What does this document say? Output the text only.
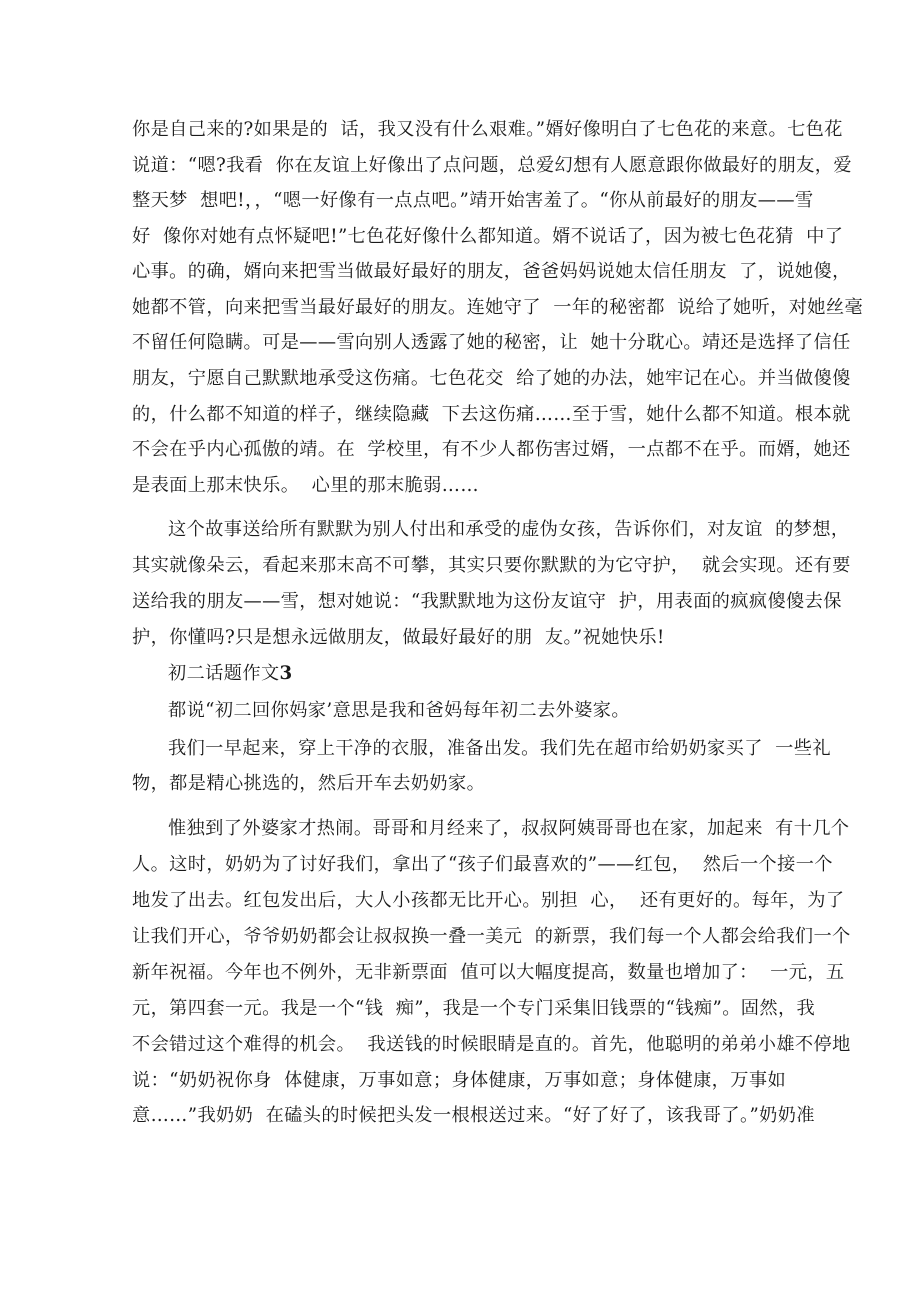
你是自己来的?如果是的  话，我又没有什么艰难。”婿好像明白了七色花的来意。七色花
说道：“嗯?我看  你在友谊上好像出了点问题，总爱幻想有人愿意跟你做最好的朋友，爱
整天梦  想吧!，，“嗯一好像有一点点吧。”靖开始害羞了。“你从前最好的朋友——雪
好  像你对她有点怀疑吧!”七色花好像什么都知道。婿不说话了，因为被七色花猜  中了
心事。的确，婿向来把雪当做最好最好的朋友，爸爸妈妈说她太信任朋友  了，说她傻，
她都不管，向来把雪当最好最好的朋友。连她守了  一年的秘密都  说给了她听，对她丝毫
不留任何隐瞒。可是——雪向别人透露了她的秘密，让  她十分耽心。靖还是选择了信任
朋友，宁愿自己默默地承受这伤痛。七色花交  给了她的办法，她牢记在心。并当做傻傻
的，什么都不知道的样子，继续隐藏  下去这伤痛……至于雪，她什么都不知道。根本就
不会在乎内心孤傲的靖。在  学校里，有不少人都伤害过婿，一点都不在乎。而婿，她还
是表面上那末快乐。  心里的那末脆弱……
这个故事送给所有默默为别人付出和承受的虚伪女孩，告诉你们，对友谊  的梦想，
其实就像朵云，看起来那末高不可攀，其实只要你默默的为它守护，  就会实现。还有要
送给我的朋友——雪，想对她说：“我默默地为这份友谊守  护，用表面的疯疯傻傻去保
护，你懂吗?只是想永远做朋友，做最好最好的朋  友。”祝她快乐!
初二话题作文3
都说“初二回你妈家’意思是我和爸妈每年初二去外婆家。
我们一早起来，穿上干净的衣服，准备出发。我们先在超市给奶奶家买了  一些礼
物，都是精心挑选的，然后开车去奶奶家。
惟独到了外婆家才热闹。哥哥和月经来了，叔叔阿姨哥哥也在家，加起来  有十几个
人。这时，奶奶为了讨好我们，拿出了“孩子们最喜欢的”——红包，  然后一个接一个
地发了出去。红包发出后，大人小孩都无比开心。别担  心，  还有更好的。每年，为了
让我们开心，爷爷奶奶都会让叔叔换一叠一美元  的新票，我们每一个人都会给我们一个
新年祝福。今年也不例外，无非新票面  值可以大幅度提高，数量也增加了：  一元，五
元，第四套一元。我是一个“钱  痴”，我是一个专门采集旧钱票的“钱痴”。固然，我
不会错过这个难得的机会。  我送钱的时候眼睛是直的。首先，他聪明的弟弟小雄不停地
说：“奶奶祝你身  体健康，万事如意；身体健康，万事如意；身体健康，万事如
意……”我奶奶  在磕头的时候把头发一根根送过来。“好了好了，该我哥了。”奶奶准
